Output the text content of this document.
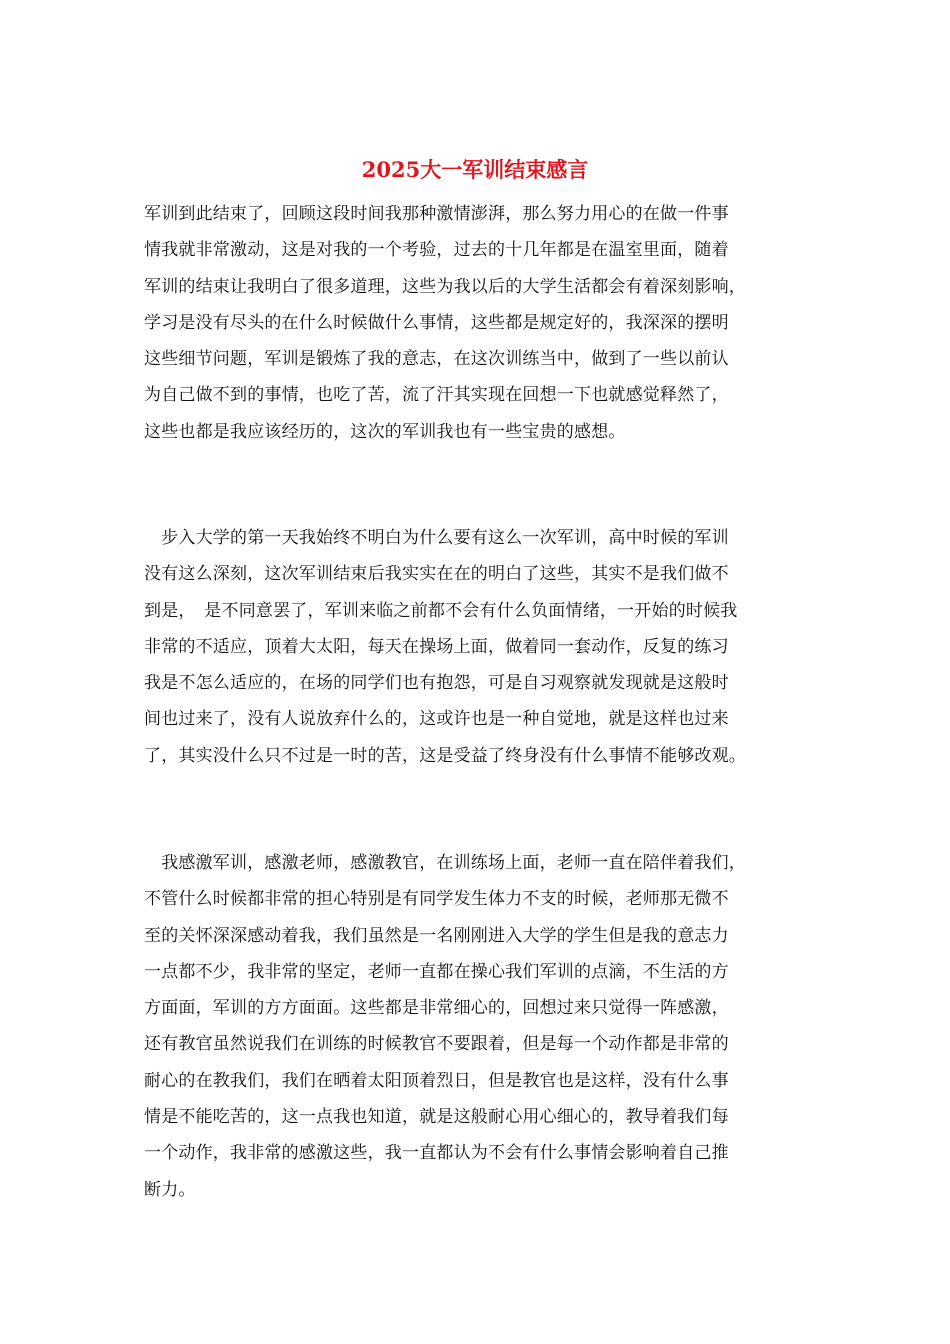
2025大一军训结束感言
军训到此结束了，回顾这段时间我那种激情澎湃，那么努力用心的在做一件事
情我就非常激动，这是对我的一个考验，过去的十几年都是在温室里面，随着
军训的结束让我明白了很多道理，这些为我以后的大学生活都会有着深刻影响，
学习是没有尽头的在什么时候做什么事情，这些都是规定好的，我深深的摆明
这些细节问题，军训是锻炼了我的意志，在这次训练当中，做到了一些以前认
为自己做不到的事情，也吃了苦，流了汗其实现在回想一下也就感觉释然了，
这些也都是我应该经历的，这次的军训我也有一些宝贵的感想。
　步入大学的第一天我始终不明白为什么要有这么一次军训，高中时候的军训
没有这么深刻，这次军训结束后我实实在在的明白了这些，其实不是我们做不
到是，　是不同意罢了，军训来临之前都不会有什么负面情绪，一开始的时候我
非常的不适应，顶着大太阳，每天在操场上面，做着同一套动作，反复的练习
我是不怎么适应的，在场的同学们也有抱怨，可是自习观察就发现就是这般时
间也过来了，没有人说放弃什么的，这或许也是一种自觉地，就是这样也过来
了，其实没什么只不过是一时的苦，这是受益了终身没有什么事情不能够改观。
　我感激军训，感激老师，感激教官，在训练场上面，老师一直在陪伴着我们，
不管什么时候都非常的担心特别是有同学发生体力不支的时候，老师那无微不
至的关怀深深感动着我，我们虽然是一名刚刚进入大学的学生但是我的意志力
一点都不少，我非常的坚定，老师一直都在操心我们军训的点滴，不生活的方
方面面，军训的方方面面。这些都是非常细心的，回想过来只觉得一阵感激，
还有教官虽然说我们在训练的时候教官不要跟着，但是每一个动作都是非常的
耐心的在教我们，我们在晒着太阳顶着烈日，但是教官也是这样，没有什么事
情是不能吃苦的，这一点我也知道，就是这般耐心用心细心的，教导着我们每
一个动作，我非常的感激这些，我一直都认为不会有什么事情会影响着自己推
断力。
